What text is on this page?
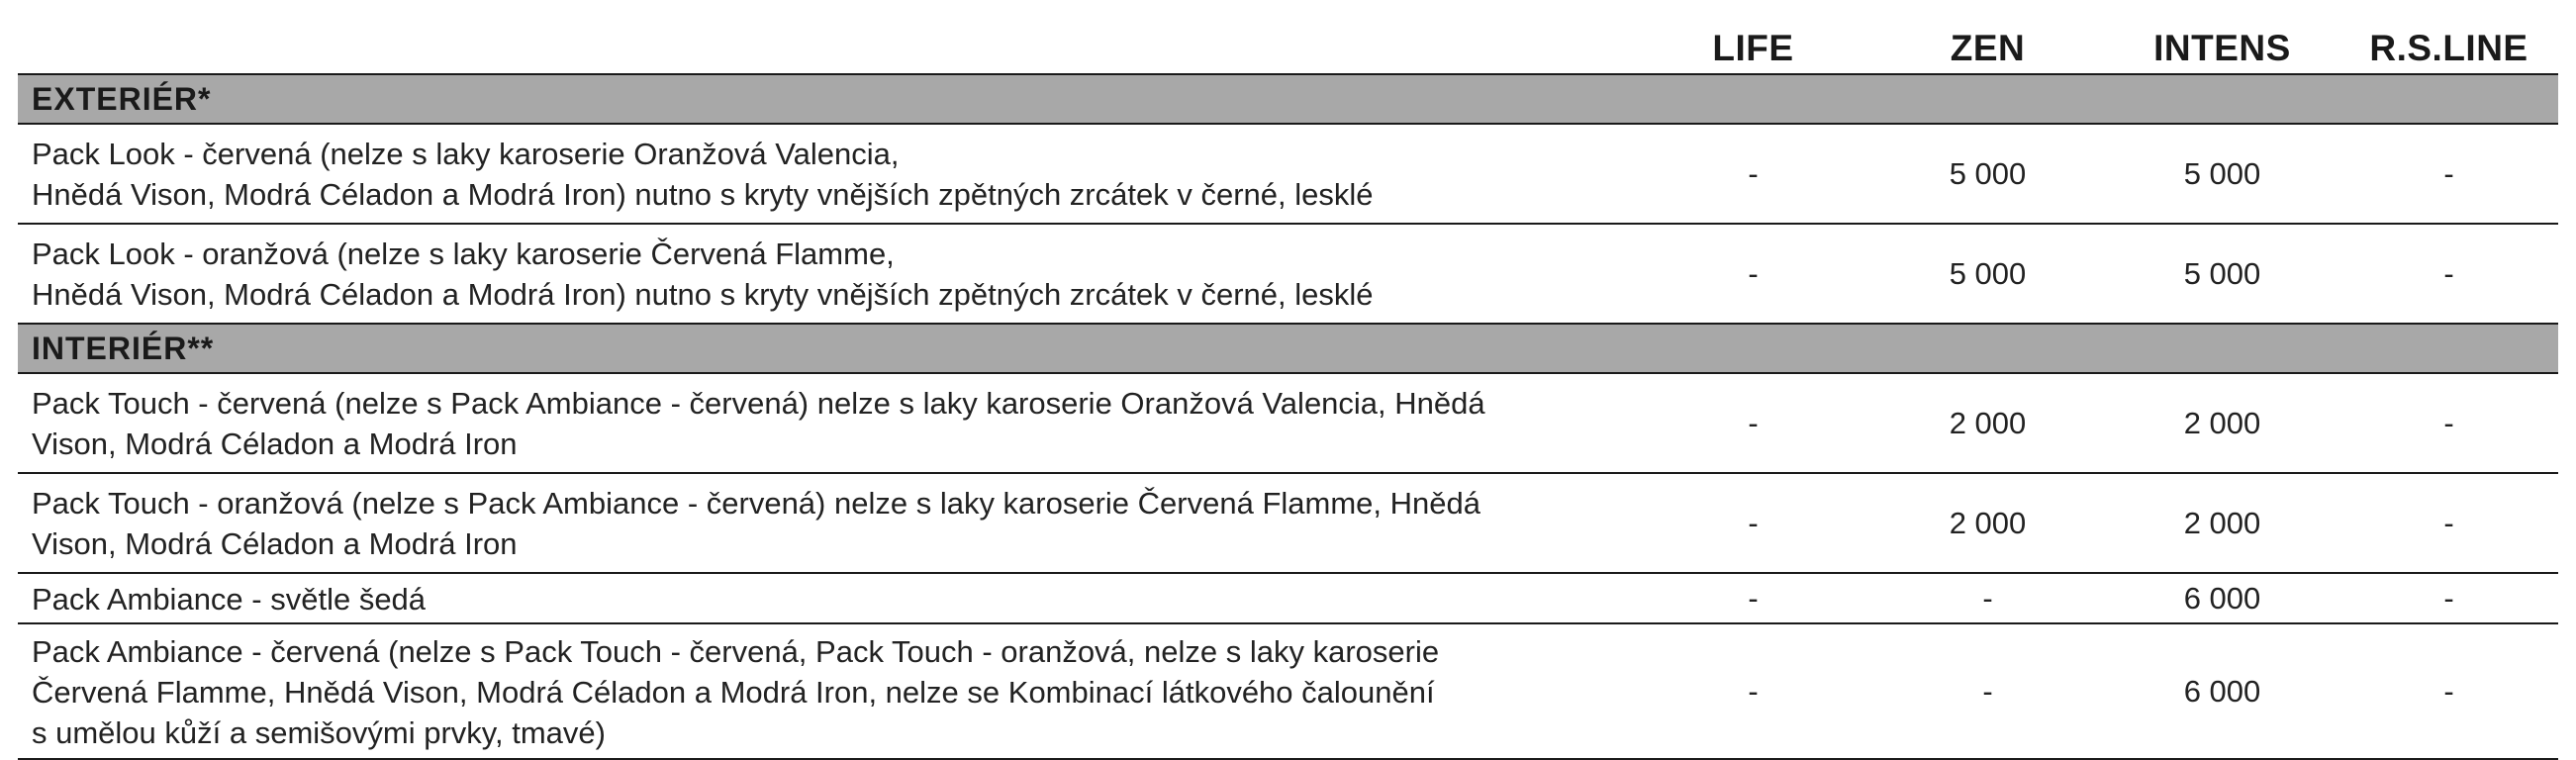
	LIFE	ZEN	INTENS	R.S.LINE
EXTERIÉR*				

Pack Look - červená (nelze s laky karoserie Oranžová Valencia,
Hnědá Vison, Modrá Céladon a Modrá Iron) nutno s kryty vnějších zpětných zrcátek v černé, lesklé	-	5 000	5 000	-

Pack Look - oranžová (nelze s laky karoserie Červená Flamme,
Hnědá Vison, Modrá Céladon a Modrá Iron) nutno s kryty vnějších zpětných zrcátek v černé, lesklé	-	5 000	5 000	-
INTERIÉR**				

Pack Touch - červená (nelze s Pack Ambiance - červená) nelze s laky karoserie Oranžová Valencia, Hnědá
Vison, Modrá Céladon a Modrá Iron	-	2 000	2 000	-

Pack Touch - oranžová (nelze s Pack Ambiance - červená) nelze s laky karoserie Červená Flamme, Hnědá
Vison, Modrá Céladon a Modrá Iron	-	2 000	2 000	-

Pack Ambiance - světle šedá	-	-	6 000	-

Pack Ambiance - červená (nelze s Pack Touch - červená, Pack Touch - oranžová, nelze s laky karoserie
Červená Flamme, Hnědá Vison, Modrá Céladon a Modrá Iron, nelze se Kombinací látkového čalounění
s umělou kůží a semišovými prvky, tmavé)	-	-	6 000	-
